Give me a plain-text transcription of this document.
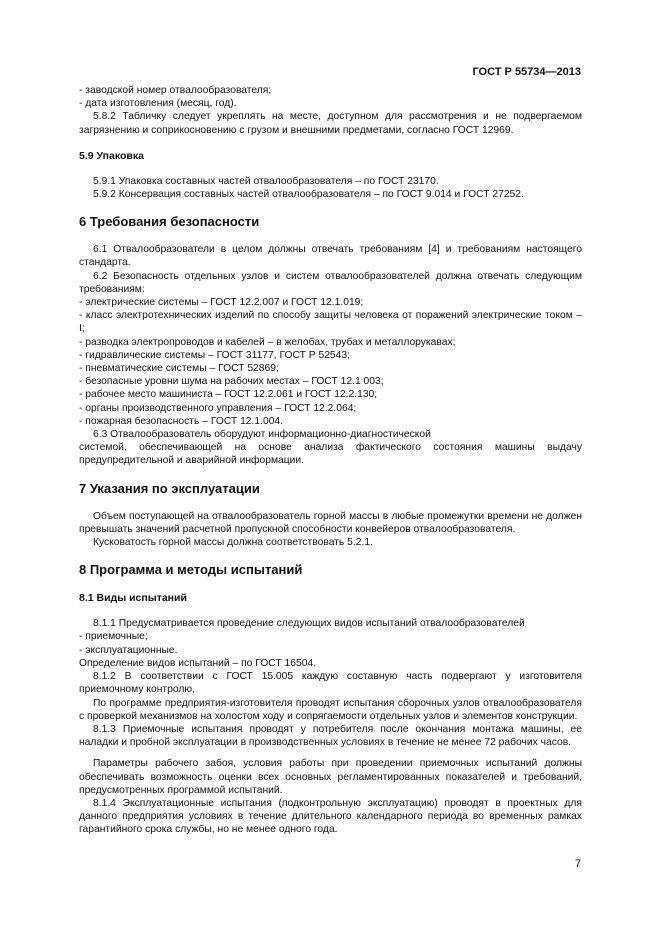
ГОСТ Р 55734—2013

- заводской номер отвалообразователя;

- дата изготовления (месяц, год).

5.8.2 Табличку следует укреплять на месте, доступном для рассмотрения и не подвергаемом загрязнению и соприкосновению с грузом и внешними предметами, согласно ГОСТ 12969.

5.9 Упаковка

5.9.1 Упаковка составных частей отвалообразователя – по ГОСТ 23170.

5.9.2 Консервация составных частей отвалообразователя – по ГОСТ 9.014 и ГОСТ 27252.

6 Требования безопасности

6.1 Отвалообразователи в целом должны отвечать требованиям [4] и требованиям настоящего стандарта.

6.2 Безопасность отдельных узлов и систем отвалообразователей должна отвечать следующим требованиям:

- электрические системы – ГОСТ 12.2.007 и ГОСТ 12.1.019;

- класс электротехнических изделий по способу защиты человека от поражений электрические током – I;

- разводка электропроводов и кабелей – в желобах, трубах и металлорукавах;

- гидравлические системы – ГОСТ 31177, ГОСТ Р 52543;

- пневматические системы – ГОСТ 52869;

- безопасные уровни шума на рабочих местах – ГОСТ 12.1 003;

- рабочее место машиниста – ГОСТ 12.2.061 и ГОСТ 12.2.130;

- органы производственного управления – ГОСТ 12.2.064;

- пожарная безопасность – ГОСТ 12.1.004.

6.3 Отвалообразователь оборудуют информационно-диагностической

системой, обеспечивающей на основе анализа фактического состояния машины выдачу предупредительной и аварийной информации.

7 Указания по эксплуатации

Объем поступающей на отвалообразователь горной массы в любые промежутки времени не должен превышать значений расчетной пропускной способности конвейеров отвалообразователя.

Кусковатость горной массы должна соответствовать 5.2.1.

8 Программа и методы испытаний

8.1 Виды испытаний

8.1.1 Предусматривается проведение следующих видов испытаний отвалообразователей

- приемочные;

- эксплуатационные.

Определение видов испытаний – по ГОСТ 16504.

8.1.2 В соответствии с ГОСТ 15.005 каждую составную часть подвергают у изготовителя приемочному контролю,

По программе предприятия-изготовителя проводят испытания сборочных узлов отвалообразователя с проверкой механизмов на холостом ходу и сопрягаемости отдельных узлов и элементов конструкции.

8.1.3 Приемочные испытания проводят у потребителя после окончания монтажа машины, ее наладки и пробной эксплуатации в производственных условиях в течение не менее 72 рабочих часов.

Параметры рабочего забоя, условия работы при проведении приемочных испытаний должны обеспечивать возможность оценки всех основных регламентированных показателей и требований, предусмотренных программой испытаний.

8.1.4 Эксплуатационные испытания (подконтрольную эксплуатацию) проводят в проектных для данного предприятия условиях в течение длительного календарного периода во временных рамках гарантийного срока службы, но не менее одного года.

7
